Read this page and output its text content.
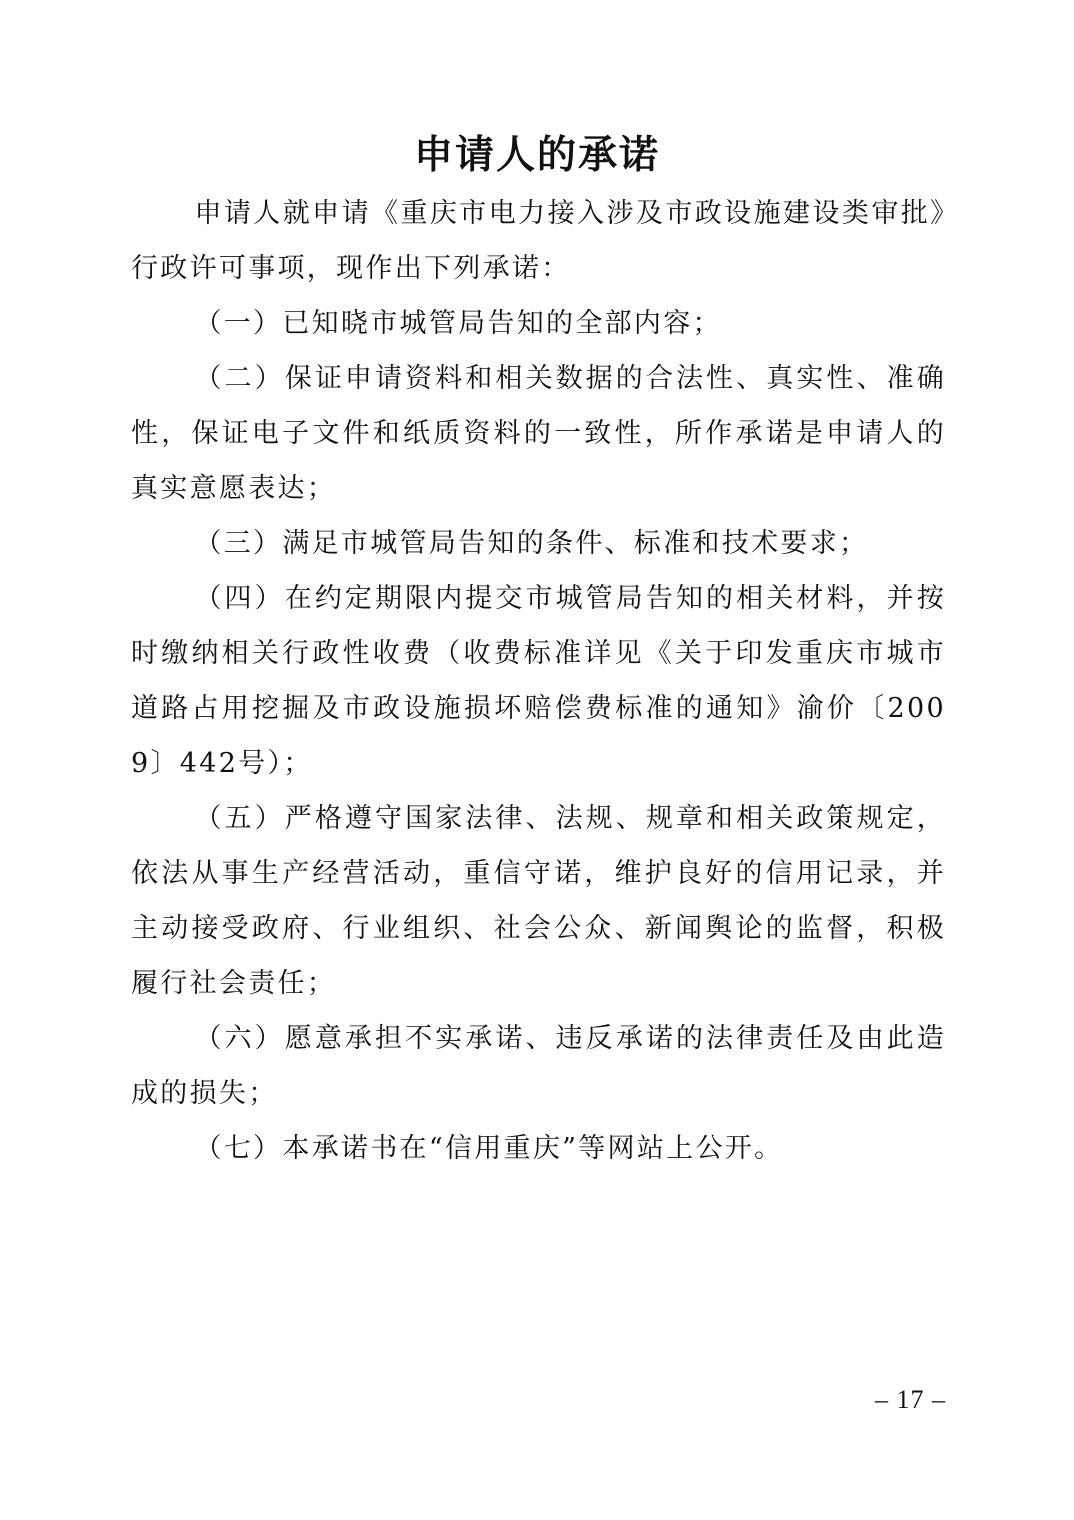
申请人的承诺

申请人就申请《重庆市电力接入涉及市政设施建设类审批》行政许可事项，现作出下列承诺：

（一）已知晓市城管局告知的全部内容；

（二）保证申请资料和相关数据的合法性、真实性、准确性，保证电子文件和纸质资料的一致性，所作承诺是申请人的真实意愿表达；

（三）满足市城管局告知的条件、标准和技术要求；

（四）在约定期限内提交市城管局告知的相关材料，并按时缴纳相关行政性收费（收费标准详见《关于印发重庆市城市道路占用挖掘及市政设施损坏赔偿费标准的通知》渝价〔2009〕442号）；

（五）严格遵守国家法律、法规、规章和相关政策规定，依法从事生产经营活动，重信守诺，维护良好的信用记录，并主动接受政府、行业组织、社会公众、新闻舆论的监督，积极履行社会责任；

（六）愿意承担不实承诺、违反承诺的法律责任及由此造成的损失；

（七）本承诺书在“信用重庆”等网站上公开。

– 17 –
